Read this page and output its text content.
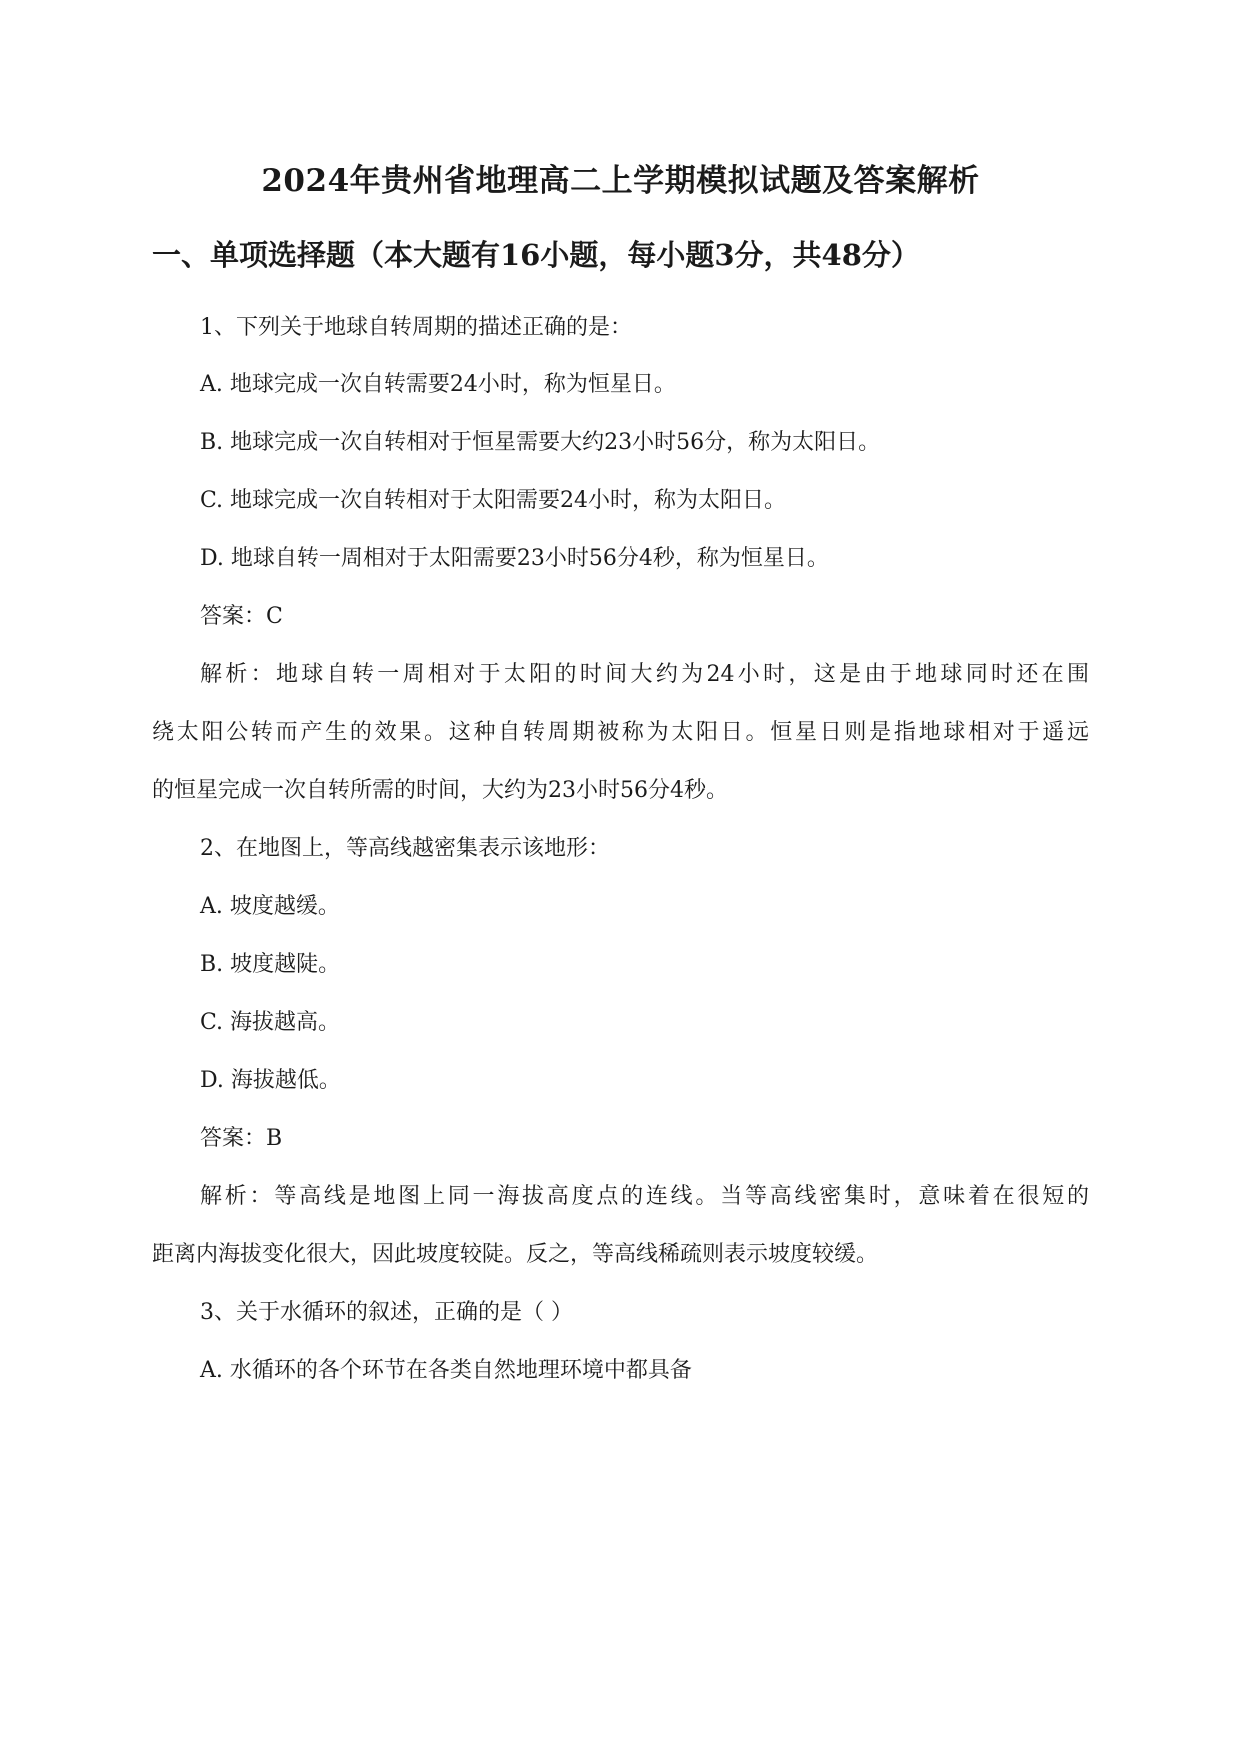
2024年贵州省地理高二上学期模拟试题及答案解析
一、单项选择题（本大题有16小题，每小题3分，共48分）
1、下列关于地球自转周期的描述正确的是：
A. 地球完成一次自转需要24小时，称为恒星日。
B. 地球完成一次自转相对于恒星需要大约23小时56分，称为太阳日。
C. 地球完成一次自转相对于太阳需要24小时，称为太阳日。
D. 地球自转一周相对于太阳需要23小时56分4秒，称为恒星日。
答案：C
解析：地球自转一周相对于太阳的时间大约为24小时，这是由于地球同时还在围
绕太阳公转而产生的效果。这种自转周期被称为太阳日。恒星日则是指地球相对于遥远
的恒星完成一次自转所需的时间，大约为23小时56分4秒。
2、在地图上，等高线越密集表示该地形：
A. 坡度越缓。
B. 坡度越陡。
C. 海拔越高。
D. 海拔越低。
答案：B
解析：等高线是地图上同一海拔高度点的连线。当等高线密集时，意味着在很短的
距离内海拔变化很大，因此坡度较陡。反之，等高线稀疏则表示坡度较缓。
3、关于水循环的叙述，正确的是（ ）
A. 水循环的各个环节在各类自然地理环境中都具备
